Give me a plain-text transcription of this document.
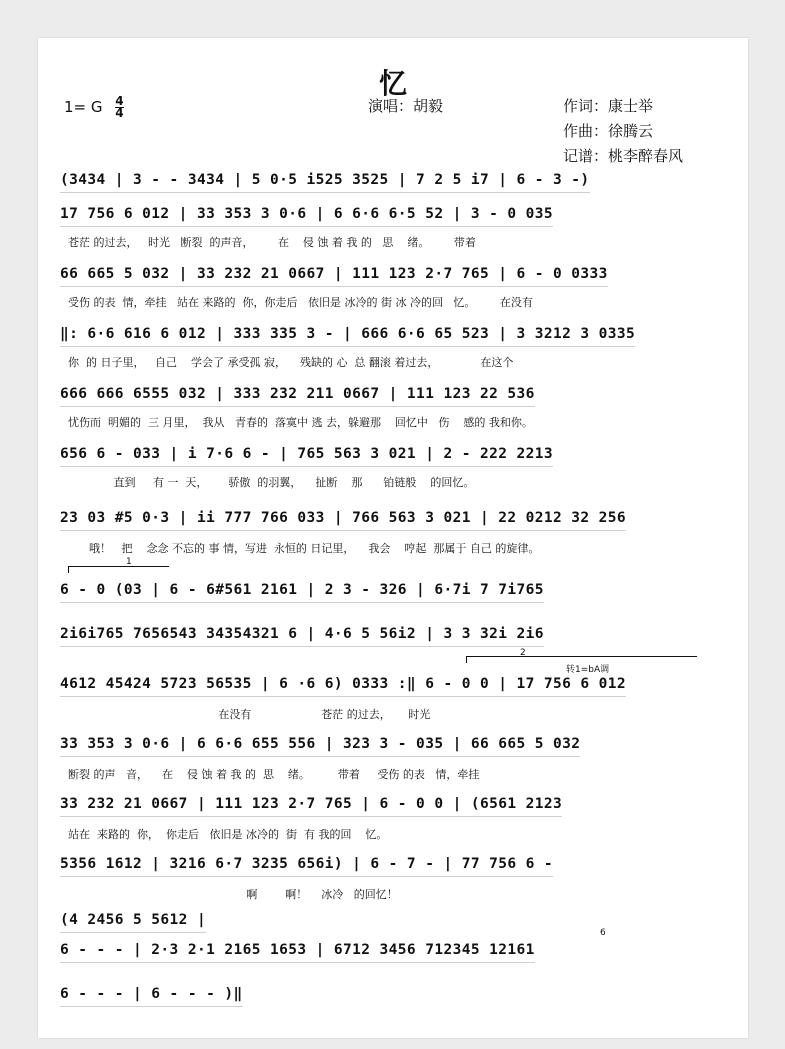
忆
1= G $\frac{4}{4}$	演唱：胡毅	作词：康士举
作曲：徐腾云
记谱：桃李醉春风
(3434 | 3 - - 3434 | 5 0·5 i525 3525 | 7 2 5 i7 | 6 - 3 -)
17 756 6 012 | 33 353 3 0·6 | 6 6·6 6·5 52 | 3 - 0 035
苍茫 的过去，   时光   断裂  的声音，       在    侵 蚀 着 我 的   思    绪。       带着
66 665 5 032 | 33 232 21 0667 | 111 123 2·7 765 | 6 - 0 0333
受伤 的表  情，牵挂   站在 来路的  你，你走后   依旧是 冰冷的 街 冰 冷的回   忆。       在没有
‖: 6·6 616 6 012 | 333 335 3 - | 666 6·6 65 523 | 3 3212 3 0335
你  的 日子里，   自己    学会了 承受孤 寂，    残缺的 心  总 翻滚 着过去，            在这个
666 666 6555 032 | 333 232 211 0667 | 111 123 22 536
忧伤而  明媚的  三 月里，  我从   青春的  落寞中 逃 去，躲避那    回忆中   伤    感的 我和你。
656 6 - 033 | i 7·6 6 - | 765 563 3 021 | 2 - 222 2213
直到     有 一  天，      骄傲  的羽翼，    扯断    那      铂链般    的回忆。
23 03 #5 0·3 | ii 777 766 033 | 766 563 3 021 | 22 0212 32 256
哦！   把    念念 不忘的 事 情，写进  永恒的 日记里，    我会    哼起  那属于 自己 的旋律。
1
6 - 0 (03 | 6 - 6#561 2161 | 2 3 - 326 | 6·7i 7 7i765
2i6i765 7656543 34354321 6 | 4·6 5 56i2 | 3 3 32i 2i6
2
转1=bA调
4612 45424 5723 56535 | 6 ·6 6) 0333 :‖ 6 - 0 0 | 17 756 6 012
在没有                    苍茫 的过去，     时光
33 353 3 0·6 | 6 6·6 655 556 | 323 3 - 035 | 66 665 5 032
断裂 的声   音，    在    侵 蚀 着 我 的  思    绪。        带着     受伤 的表   情，牵挂
33 232 21 0667 | 111 123 2·7 765 | 6 - 0 0 | (6561 2123
站在  来路的  你，  你走后   依旧是 冰冷的  街  有 我的回    忆。
5356 1612 | 3216 6·7 3235 656i) | 6 - 7 - | 77 756 6 -
啊        啊！    冰冷   的回忆！
(4 2456 5 5612 |
6
6 - - - | 2·3 2·1 2165 1653 | 6712 3456 712345 12161
6 - - - | 6 - - - )‖
